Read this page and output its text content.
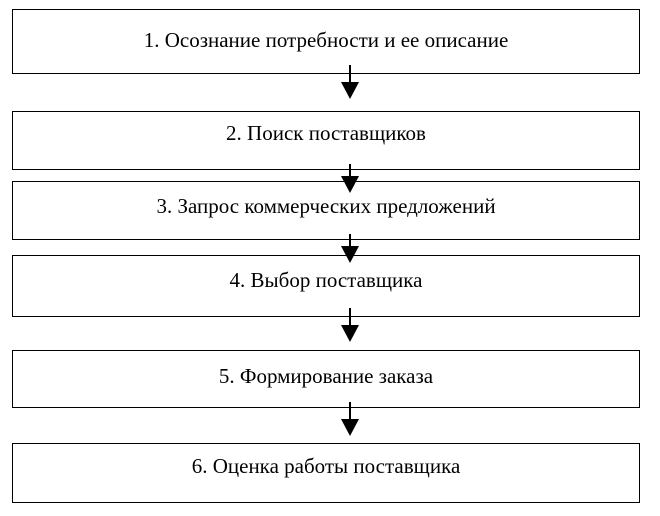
1. Осознание потребности и ее описание
2. Поиск поставщиков
3. Запрос коммерческих предложений
4. Выбор поставщика
5. Формирование заказа
6. Оценка работы поставщика
